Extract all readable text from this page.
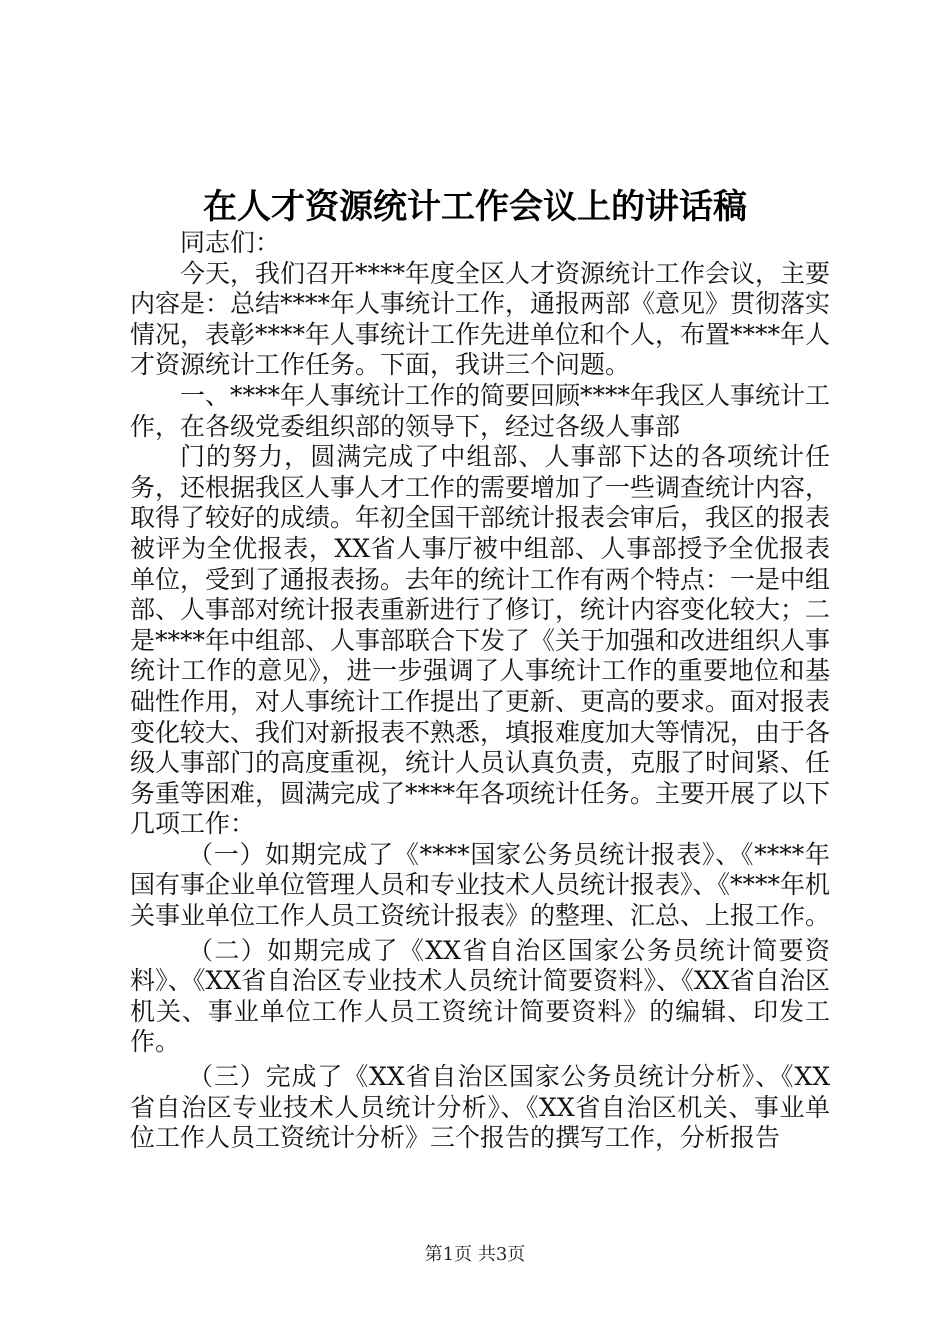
在人才资源统计工作会议上的讲话稿

同志们：

今天，我们召开****年度全区人才资源统计工作会议，主要内容是：总结****年人事统计工作，通报两部《意见》贯彻落实情况，表彰****年人事统计工作先进单位和个人，布置****年人才资源统计工作任务。下面，我讲三个问题。

一、****年人事统计工作的简要回顾****年我区人事统计工作，在各级党委组织部的领导下，经过各级人事部

门的努力，圆满完成了中组部、人事部下达的各项统计任务，还根据我区人事人才工作的需要增加了一些调查统计内容，取得了较好的成绩。年初全国干部统计报表会审后，我区的报表被评为全优报表，XX省人事厅被中组部、人事部授予全优报表单位，受到了通报表扬。去年的统计工作有两个特点：一是中组部、人事部对统计报表重新进行了修订，统计内容变化较大；二是****年中组部、人事部联合下发了《关于加强和改进组织人事统计工作的意见》，进一步强调了人事统计工作的重要地位和基础性作用，对人事统计工作提出了更新、更高的要求。面对报表变化较大、我们对新报表不熟悉，填报难度加大等情况，由于各级人事部门的高度重视，统计人员认真负责，克服了时间紧、任务重等困难，圆满完成了****年各项统计任务。主要开展了以下几项工作：

（一）如期完成了《****国家公务员统计报表》、《****年国有事企业单位管理人员和专业技术人员统计报表》、《****年机关事业单位工作人员工资统计报表》的整理、汇总、上报工作。

（二）如期完成了《XX省自治区国家公务员统计简要资料》、《XX省自治区专业技术人员统计简要资料》、《XX省自治区机关、事业单位工作人员工资统计简要资料》的编辑、印发工作。

（三）完成了《XX省自治区国家公务员统计分析》、《XX省自治区专业技术人员统计分析》、《XX省自治区机关、事业单位工作人员工资统计分析》三个报告的撰写工作，分析报告

第1页 共3页
